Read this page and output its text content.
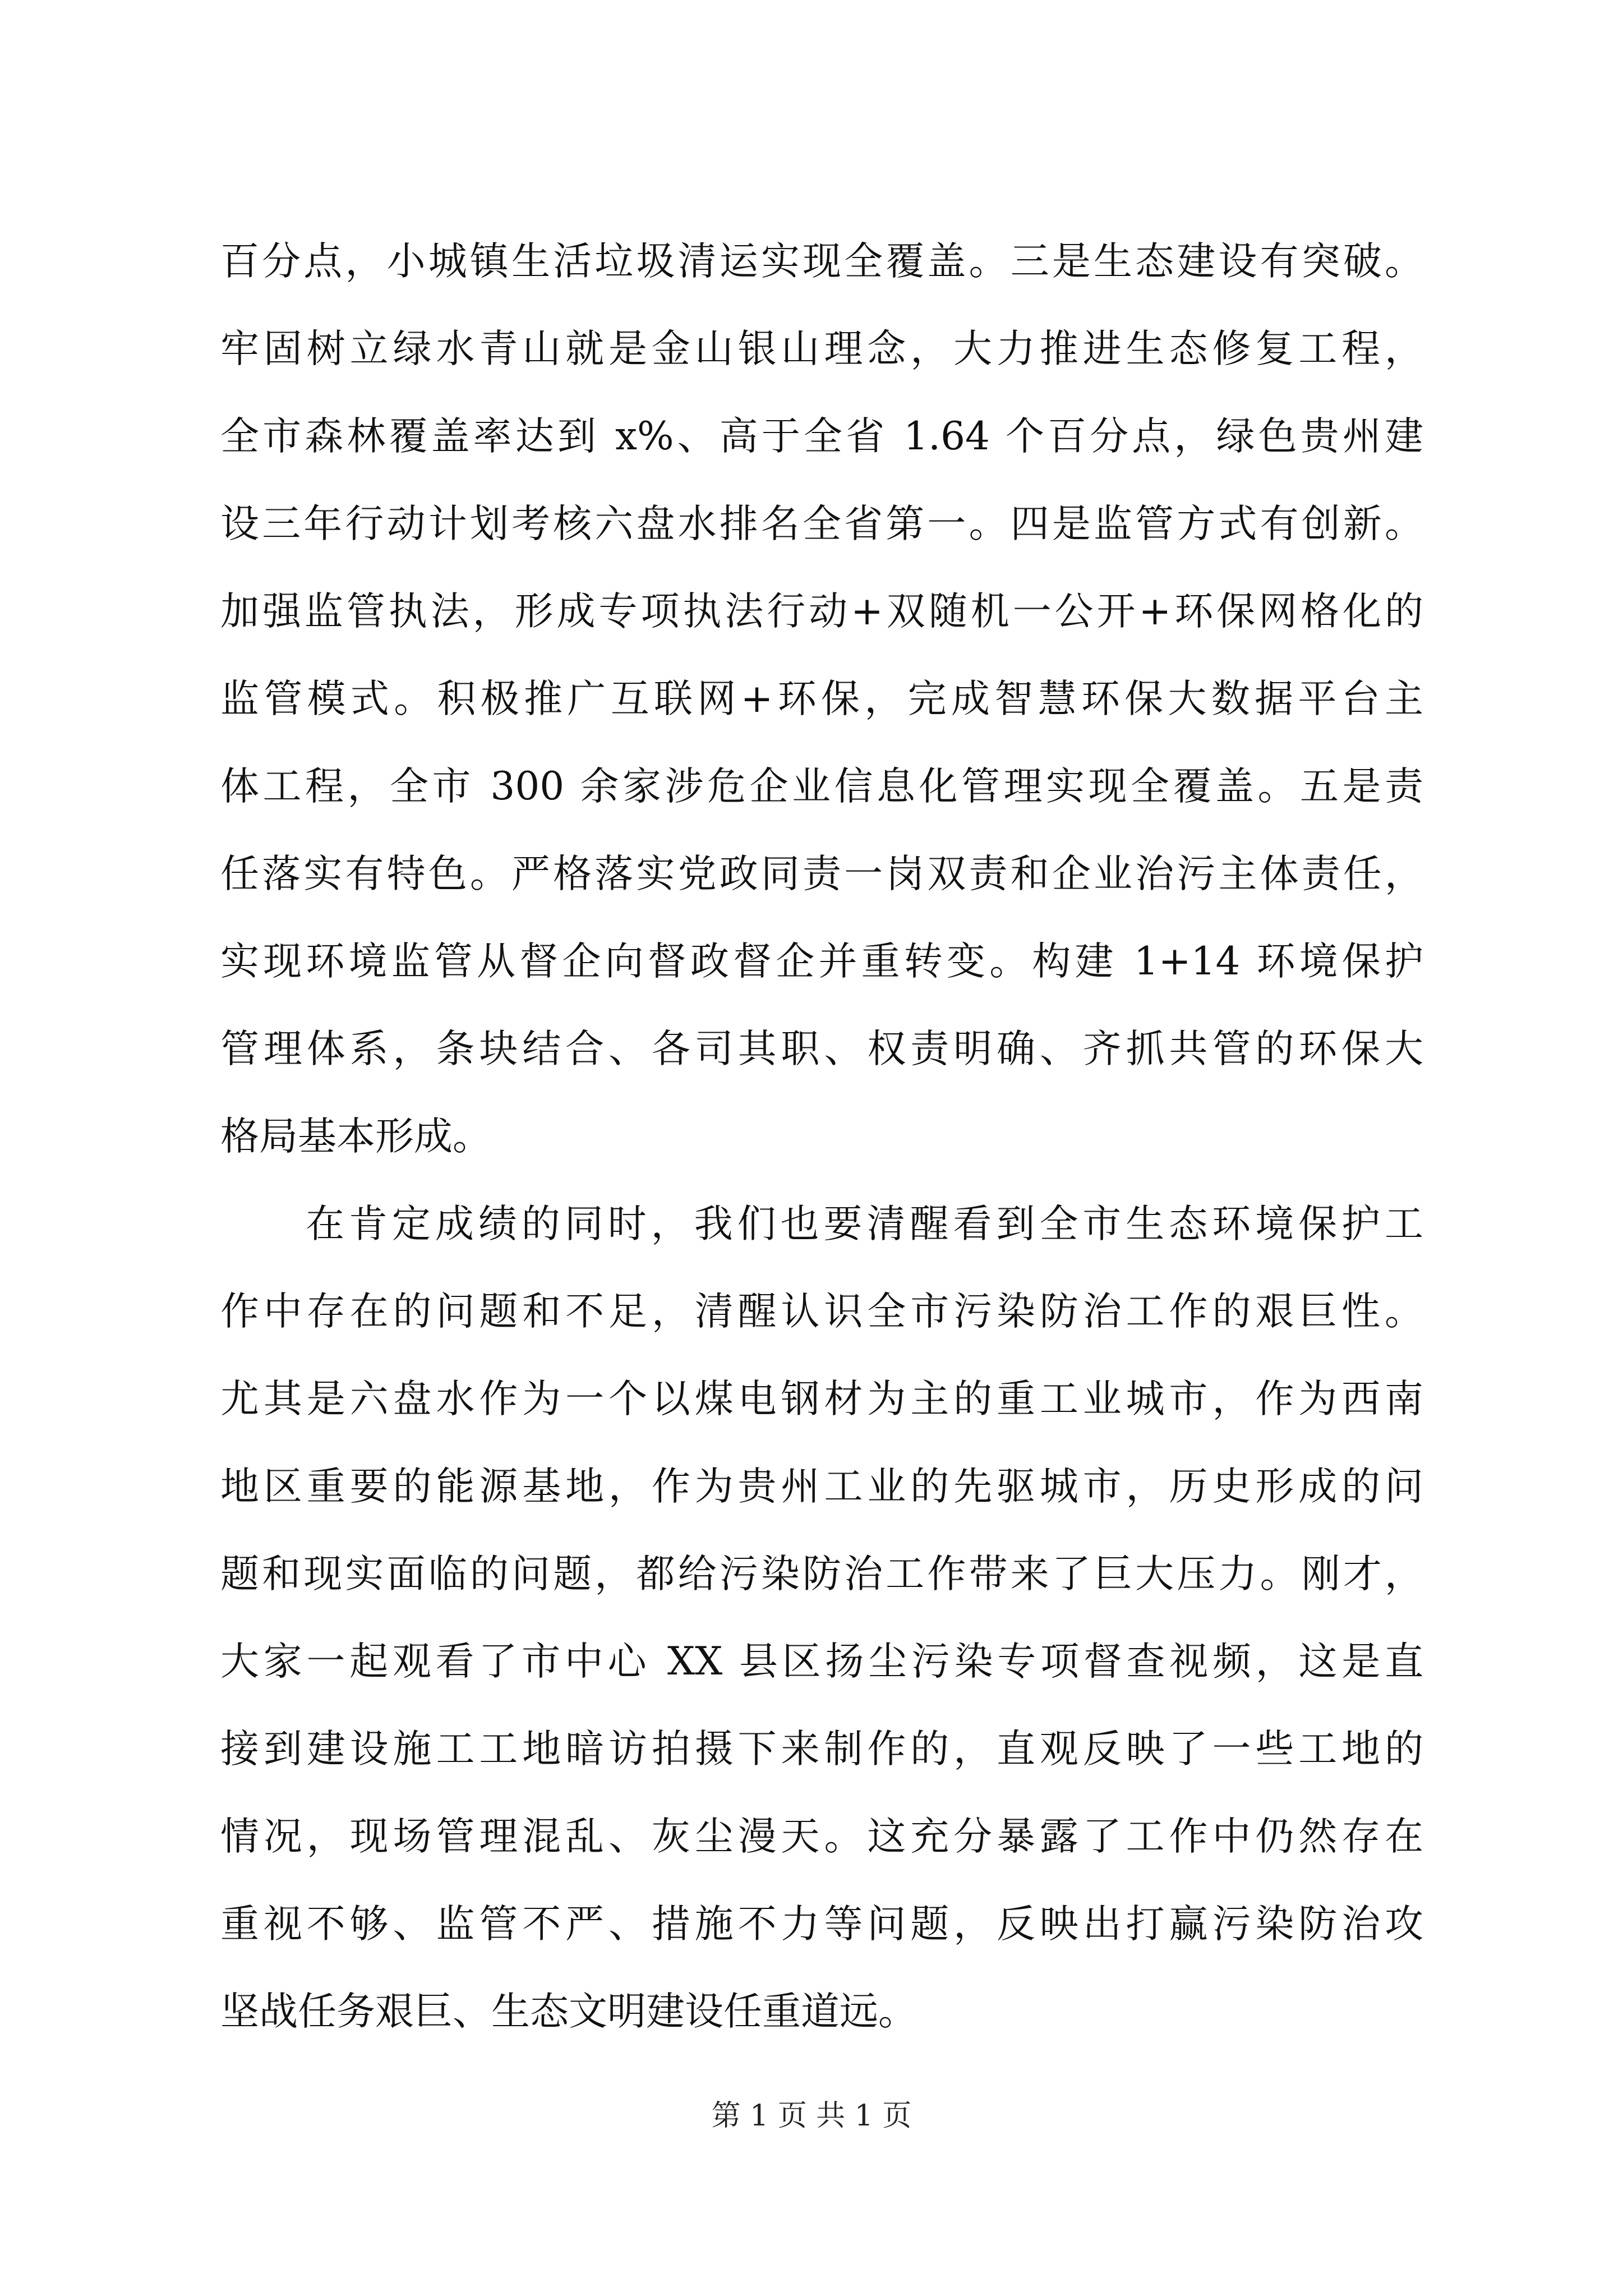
百分点，小城镇生活垃圾清运实现全覆盖。三是生态建设有突破。
牢固树立绿水青山就是金山银山理念，大力推进生态修复工程，
全市森林覆盖率达到 x%、高于全省 1.64 个百分点，绿色贵州建
设三年行动计划考核六盘水排名全省第一。四是监管方式有创新。
加强监管执法，形成专项执法行动+双随机一公开+环保网格化的
监管模式。积极推广互联网+环保，完成智慧环保大数据平台主
体工程，全市 300 余家涉危企业信息化管理实现全覆盖。五是责
任落实有特色。严格落实党政同责一岗双责和企业治污主体责任，
实现环境监管从督企向督政督企并重转变。构建 1+14 环境保护
管理体系，条块结合、各司其职、权责明确、齐抓共管的环保大
格局基本形成。
在肯定成绩的同时，我们也要清醒看到全市生态环境保护工
作中存在的问题和不足，清醒认识全市污染防治工作的艰巨性。
尤其是六盘水作为一个以煤电钢材为主的重工业城市，作为西南
地区重要的能源基地，作为贵州工业的先驱城市，历史形成的问
题和现实面临的问题，都给污染防治工作带来了巨大压力。刚才，
大家一起观看了市中心 XX 县区扬尘污染专项督查视频，这是直
接到建设施工工地暗访拍摄下来制作的，直观反映了一些工地的
情况，现场管理混乱、灰尘漫天。这充分暴露了工作中仍然存在
重视不够、监管不严、措施不力等问题，反映出打赢污染防治攻
坚战任务艰巨、生态文明建设任重道远。
第 1 页 共 1 页
